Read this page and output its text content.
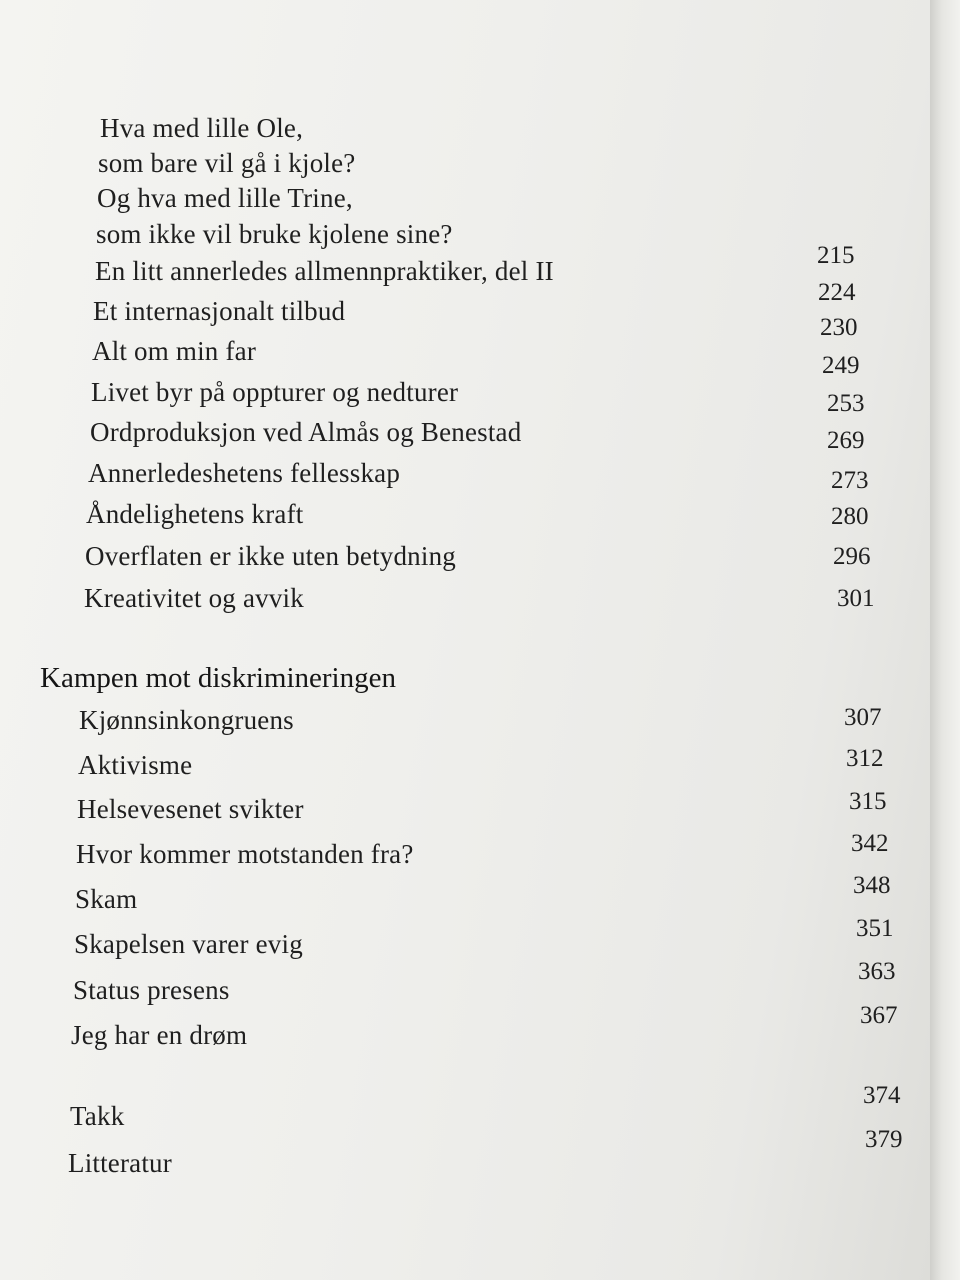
Hva med lille Ole,
som bare vil gå i kjole?
Og hva med lille Trine,
som ikke vil bruke kjolene sine?
En litt annerledes allmennpraktiker, del II
Et internasjonalt tilbud
Alt om min far
Livet byr på oppturer og nedturer
Ordproduksjon ved Almås og Benestad
Annerledeshetens fellesskap
Åndelighetens kraft
Overflaten er ikke uten betydning
Kreativitet og avvik
215
224
230
249
253
269
273
280
296
301
Kampen mot diskrimineringen
Kjønnsinkongruens
Aktivisme
Helsevesenet svikter
Hvor kommer motstanden fra?
Skam
Skapelsen varer evig
Status presens
Jeg har en drøm
307
312
315
342
348
351
363
367
Takk
Litteratur
374
379
